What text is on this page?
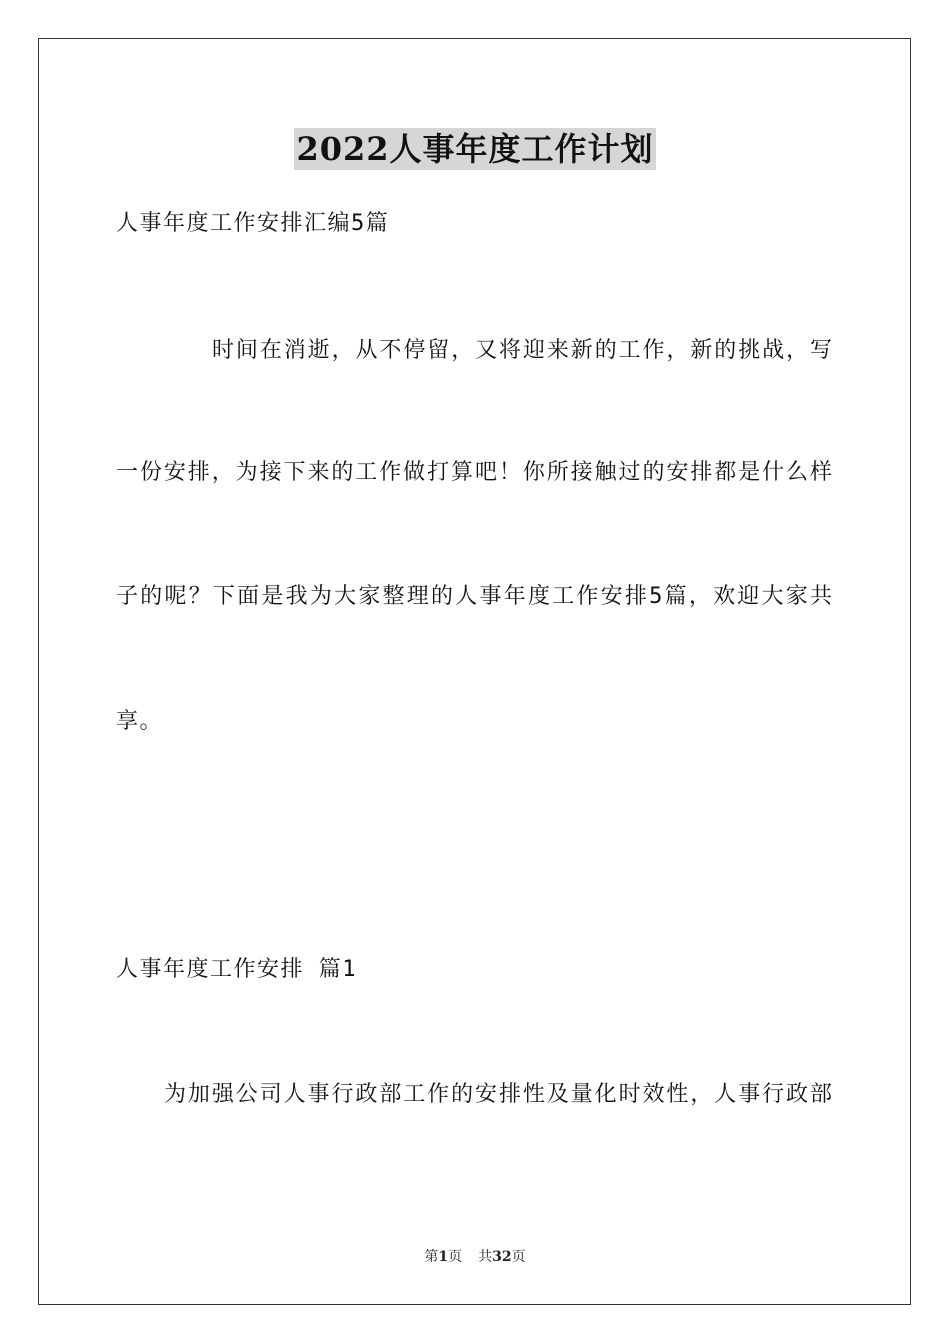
2022人事年度工作计划
人事年度工作安排汇编5篇
时间在消逝，从不停留，又将迎来新的工作，新的挑战，写
一份安排，为接下来的工作做打算吧！你所接触过的安排都是什么样
子的呢？下面是我为大家整理的人事年度工作安排5篇，欢迎大家共
享。
人事年度工作安排 篇1
为加强公司人事行政部工作的安排性及量化时效性，人事行政部
第1页 共32页
